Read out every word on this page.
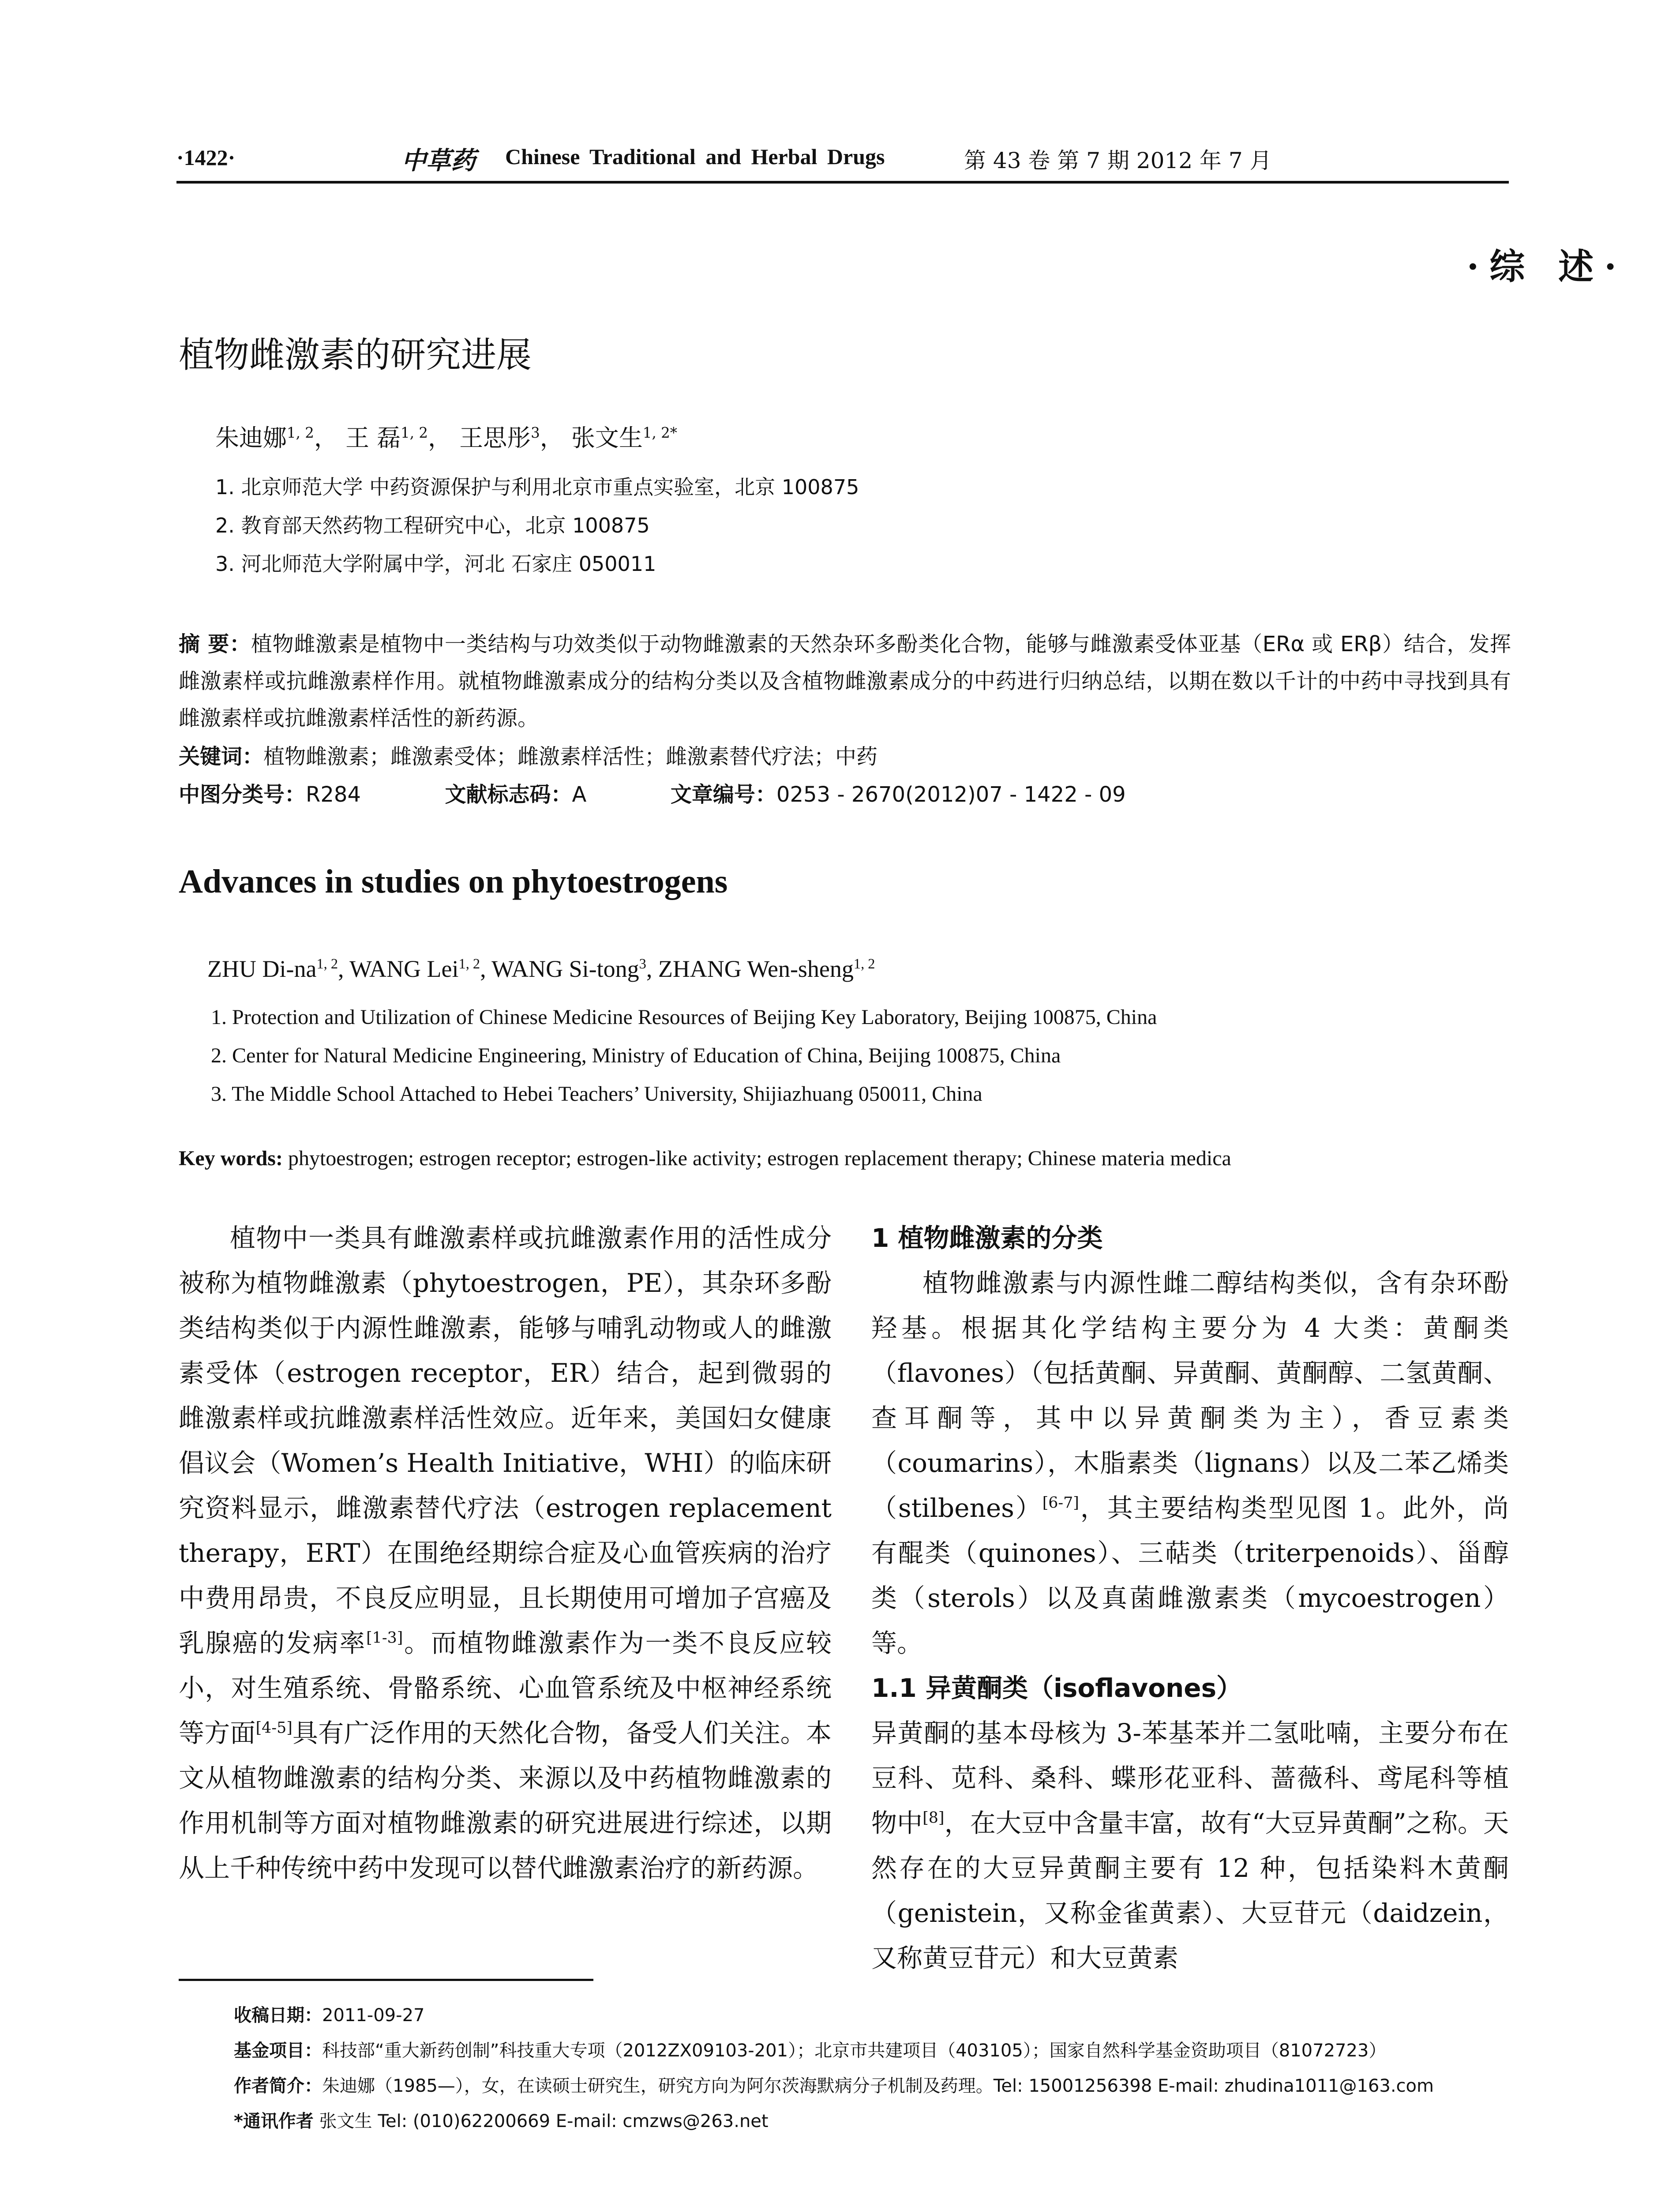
·1422·	中草药 Chinese Traditional and Herbal Drugs	第 43 卷 第 7 期 2012 年 7 月
·综 述·
植物雌激素的研究进展
朱迪娜$^{1, 2}$， 王 磊$^{1, 2}$， 王思彤$^3$， 张文生$^{1, 2*}$
1. 北京师范大学 中药资源保护与利用北京市重点实验室，北京 100875
2. 教育部天然药物工程研究中心，北京 100875
3. 河北师范大学附属中学，河北 石家庄 050011
摘 要：植物雌激素是植物中一类结构与功效类似于动物雌激素的天然杂环多酚类化合物，能够与雌激素受体亚基（ERα 或 ERβ）结合，发挥雌激素样或抗雌激素样作用。就植物雌激素成分的结构分类以及含植物雌激素成分的中药进行归纳总结，以期在数以千计的中药中寻找到具有雌激素样或抗雌激素样活性的新药源。
关键词：植物雌激素；雌激素受体；雌激素样活性；雌激素替代疗法；中药
中图分类号：R284	文献标志码：A	文章编号：0253 - 2670(2012)07 - 1422 - 09
Advances in studies on phytoestrogens
ZHU Di-na$^{1, 2}$, WANG Lei$^{1, 2}$, WANG Si-tong$^3$, ZHANG Wen-sheng$^{1, 2}$
1. Protection and Utilization of Chinese Medicine Resources of Beijing Key Laboratory, Beijing 100875, China
2. Center for Natural Medicine Engineering, Ministry of Education of China, Beijing 100875, China
3. The Middle School Attached to Hebei Teachers’ University, Shijiazhuang 050011, China
Key words: phytoestrogen; estrogen receptor; estrogen-like activity; estrogen replacement therapy; Chinese materia medica

植物中一类具有雌激素样或抗雌激素作用的活性成分被称为植物雌激素（phytoestrogen，PE），其杂环多酚类结构类似于内源性雌激素，能够与哺乳动物或人的雌激素受体（estrogen receptor，ER）结合，起到微弱的雌激素样或抗雌激素样活性效应。近年来，美国妇女健康倡议会（Women’s Health Initiative，WHI）的临床研究资料显示，雌激素替代疗法（estrogen replacement therapy，ERT）在围绝经期综合症及心血管疾病的治疗中费用昂贵，不良反应明显，且长期使用可增加子宫癌及乳腺癌的发病率[1-3]。而植物雌激素作为一类不良反应较小，对生殖系统、骨骼系统、心血管系统及中枢神经系统等方面[4-5]具有广泛作用的天然化合物，备受人们关注。本文从植物雌激素的结构分类、来源以及中药植物雌激素的作用机制等方面对植物雌激素的研究进展进行综述，以期从上千种传统中药中发现可以替代雌激素治疗的新药源。

1 植物雌激素的分类

植物雌激素与内源性雌二醇结构类似，含有杂环酚羟基。根据其化学结构主要分为 4 大类：黄酮类（flavones）（包括黄酮、异黄酮、黄酮醇、二氢黄酮、查耳酮等，其中以异黄酮类为主），香豆素类（coumarins），木脂素类（lignans）以及二苯乙烯类（stilbenes）[6-7]，其主要结构类型见图 1。此外，尚有醌类（quinones）、三萜类（triterpenoids）、甾醇类（sterols）以及真菌雌激素类（mycoestrogen）等。

1.1 异黄酮类（isoflavones）

异黄酮的基本母核为 3-苯基苯并二氢吡喃，主要分布在豆科、苋科、桑科、蝶形花亚科、蔷薇科、鸢尾科等植物中[8]，在大豆中含量丰富，故有“大豆异黄酮”之称。天然存在的大豆异黄酮主要有 12 种，包括染料木黄酮（genistein，又称金雀黄素）、大豆苷元（daidzein，又称黄豆苷元）和大豆黄素

收稿日期：2011-09-27
基金项目：科技部“重大新药创制”科技重大专项（2012ZX09103-201）；北京市共建项目（403105）；国家自然科学基金资助项目（81072723）
作者简介：朱迪娜（1985—），女，在读硕士研究生，研究方向为阿尔茨海默病分子机制及药理。Tel: 15001256398 E-mail: zhudina1011@163.com
*通讯作者 张文生 Tel: (010)62200669 E-mail: cmzws@263.net
